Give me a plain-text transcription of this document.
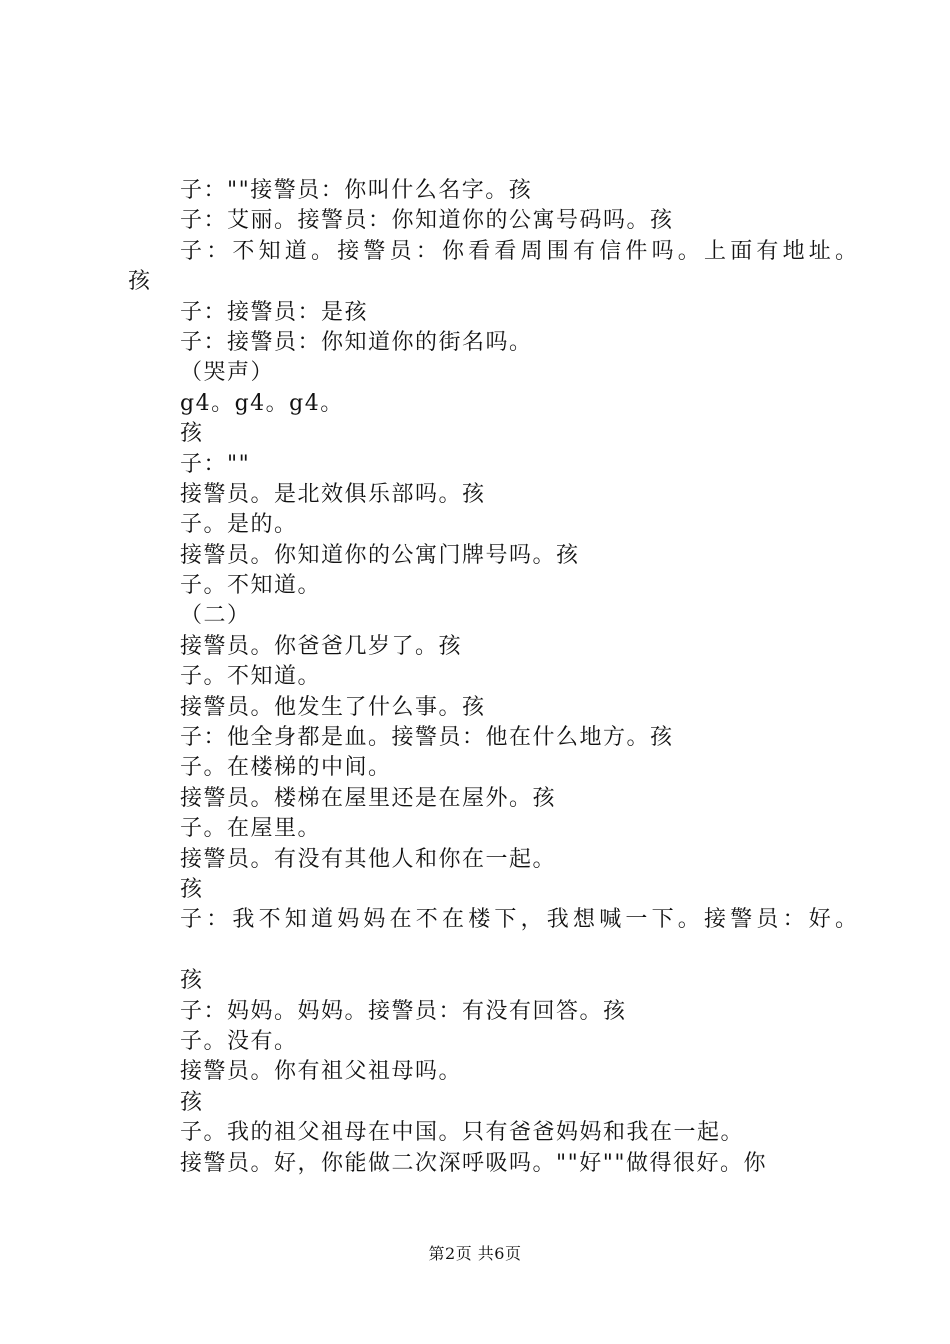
子：""接警员：你叫什么名字。孩
子：艾丽。接警员：你知道你的公寓号码吗。孩
子：不知道。接警员：你看看周围有信件吗。上面有地址。
孩
子：接警员：是孩
子：接警员：你知道你的街名吗。
（哭声）
g4。g4。g4。
孩
子：""
接警员。是北效俱乐部吗。孩
子。是的。
接警员。你知道你的公寓门牌号吗。孩
子。不知道。
（二）
接警员。你爸爸几岁了。孩
子。不知道。
接警员。他发生了什么事。孩
子：他全身都是血。接警员：他在什么地方。孩
子。在楼梯的中间。
接警员。楼梯在屋里还是在屋外。孩
子。在屋里。
接警员。有没有其他人和你在一起。
孩
子：我不知道妈妈在不在楼下，我想喊一下。接警员：好。
孩
子：妈妈。妈妈。接警员：有没有回答。孩
子。没有。
接警员。你有祖父祖母吗。
孩
子。我的祖父祖母在中国。只有爸爸妈妈和我在一起。
接警员。好，你能做二次深呼吸吗。""好""做得很好。你
第2页 共6页
